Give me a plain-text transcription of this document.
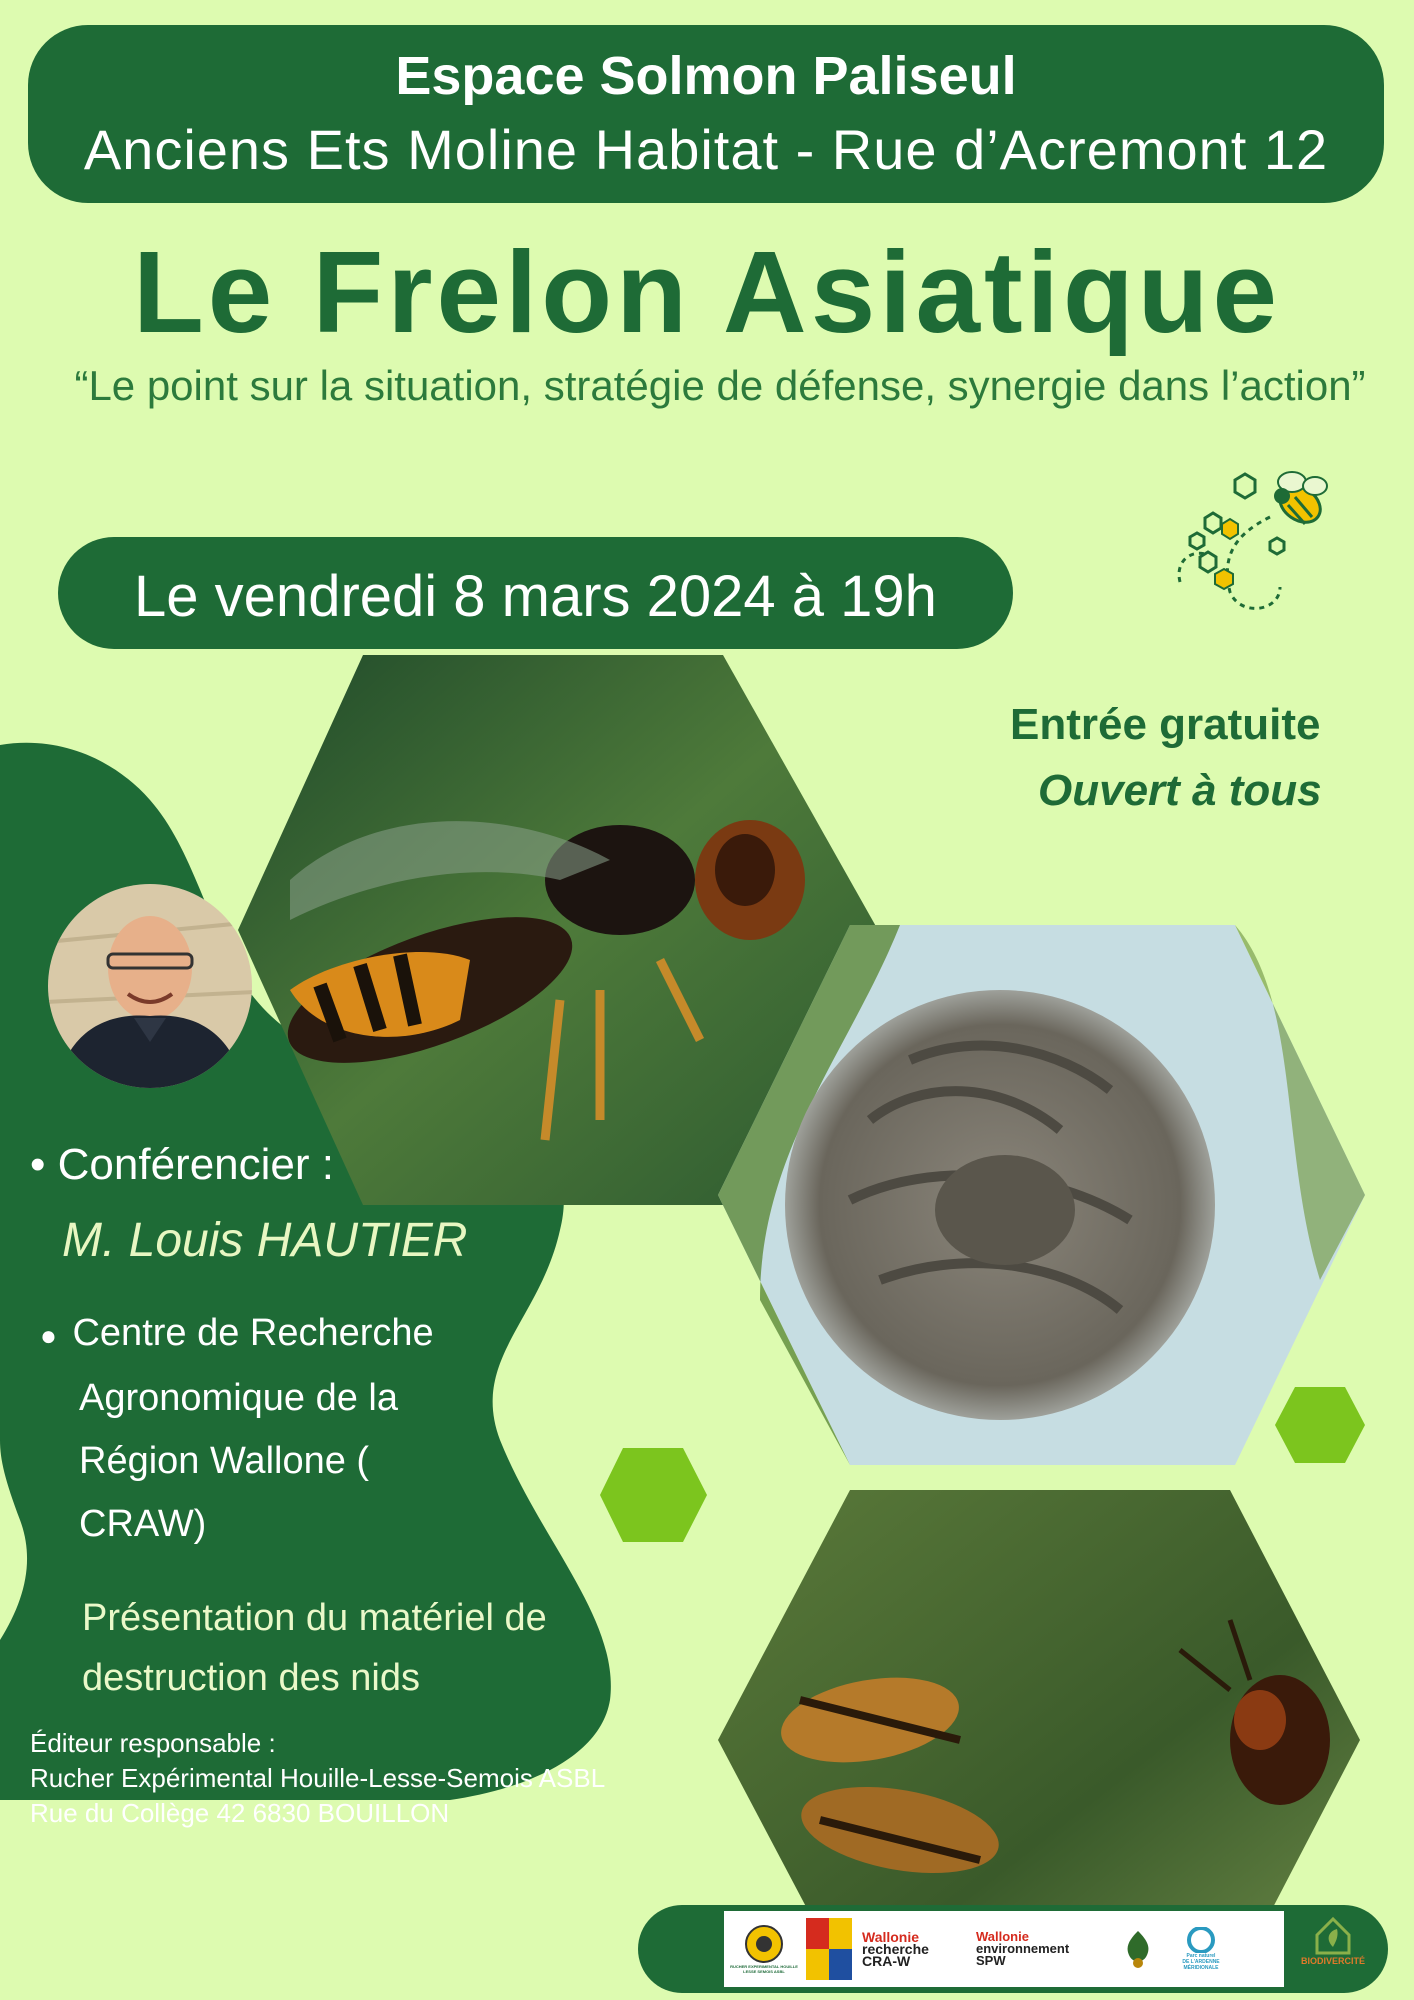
Espace Solmon Paliseul
Anciens Ets Moline Habitat - Rue d’Acremont 12
Le Frelon Asiatique
“Le point sur la situation, stratégie de défense, synergie dans l’action”
Le vendredi 8 mars 2024 à 19h
Entrée gratuite
Ouvert à tous
• Conférencier :
M. Louis HAUTIER
●  Centre de Recherche
Agronomique de la
Région Wallone (
CRAW)
Présentation du matériel de
destruction des nids
Éditeur responsable :
Rucher Expérimental Houille-Lesse-Semois ASBL
Rue du Collège 42 6830 BOUILLON
RUCHER EXPERIMENTAL HOUILLE LESSE SEMOIS ASBL
Wallonie
recherche
CRA-W
Wallonie
environnement
SPW	Parc naturel
DE L'ARDENNE
MÉRIDIONALE
BIODIVERCITÉ
